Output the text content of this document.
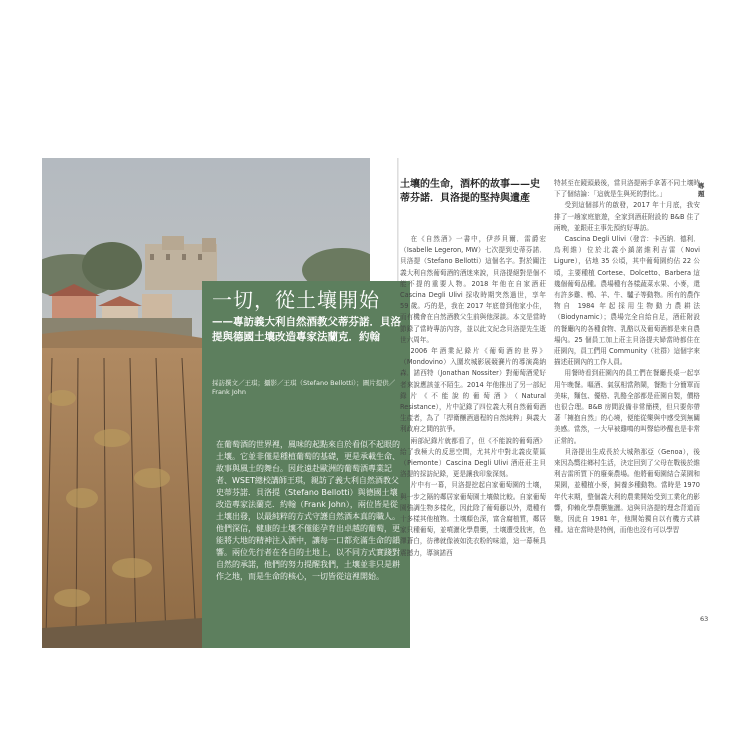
一切，從土壤開始
——專訪義大利自然酒教父蒂芬諾．貝洛提與德國土壤改造專家法蘭克．約翰
採訪撰文／王琪；攝影／王琪（Stefano Bellotti）；圖片提供／Frank John
在葡萄酒的世界裡，風味的起點來自於看似不起眼的土壤。它並非僅是種植葡萄的基礎，更是承載生命、故事與風土的舞台。因此遠赴歐洲的葡萄酒專業記者、WSET總校講師王琪，親訪了義大利自然酒教父史蒂芬諾．貝洛提（Stefano Bellotti）與德國土壤改造專家法蘭克．約翰（Frank John），兩位皆是從土壤出發，以最純粹的方式守護自然酒本真的職人。他們深信，健康的土壤不僅能孕育出卓越的葡萄，更能將大地的精神注入酒中，讓每一口都充滿生命的韻響。兩位先行者在各自的土地上，以不同方式實踐對自然的承諾，他們的努力提醒我們，土壤並非只是耕作之地，而是生命的核心，一切皆從這裡開始。
土壤的生命，酒杯的故事——史蒂芬諾．貝洛提的堅持與遺產

在《自然酒》一書中，伊莎貝爾．雷爵宏（Isabelle Legeron, MW）七次提到史蒂芬諾．貝洛提（Stefano Bellotti）這個名字。對於關注義大利自然葡萄酒的酒迷來說，貝洛提絕對是個不能不提的重要人物。2018 年他在自家酒莊 Cascina Degli Ulivi 採收時期突然過世，享年 59 歲。巧的是，我在 2017 年底曾到他家小住，而有機會在自然酒教父生前與他深談。本文是當時節錄了當時專訪內容，並以此文紀念貝洛提先生逝世六周年。

2006 年酒業紀錄片《葡萄酒的世界》（Mondovino）入圍坎城影展競賽片的導演喬納森．諾西特（Jonathan Nossiter）對葡萄酒愛好者來說應該並不陌生。2014 年他推出了另一部紀錄片《不能說的葡萄酒》（Natural Resistance），片中記錄了四位義大利自然葡萄酒生產者，為了「捍衛釀酒過程的自然純粹」與義大利政府之間的抗爭。

兩部紀錄片就都看了，但《不能說的葡萄酒》給了我極大的反思空間，尤其片中對北義皮蒙區（Piemonte）Cascina Degli Ulivi 酒莊莊主貝洛提的採訪紀錄，更是讓我印象深刻。

片中有一幕，貝洛提挖起自家葡萄園的土壤，與一步之隔的鄰居家葡萄園土壤做比較。自家葡萄園強調生物多樣化，因此除了葡萄藤以外，還種有十多樣其他植物。土壤顏色深，富含腐植質，鄰居家只種葡萄，並噴灑化學農藥，土壤遭受戕害，色澤蒼白，彷彿就像被如洗衣粉的味道，這一幕極具震撼力，導演諾西

特甚至在鏡頭最後，當貝洛提兩手拿著不同土壤時下了個結論：「這就是生與死的對比。」

受到這個部片的啟發，2017 年十月底，我安排了一趟家庭旅遊，全家到酒莊附設的 B&B 住了兩晚，並跟莊主事先預約好專訪。

Cascina Degli Ulivi（發音：卡西納．德利．烏利維）位於北義小鎮諾維利吉雷（Novi Ligure），佔地 35 公頃，其中葡萄園約佔 22 公頃，主要種植 Cortese、Dolcetto、Barbera 這幾個葡萄品種。農場種有各樣蔬菜水果、小麥，還有許多雞、鴨、羊、牛、驢子等動物。所有的農作物自 1984 年起採用生物動力農耕法（Biodynamic）；農場完全自給自足，酒莊附設的餐廳內的各種食物、乳酪以及葡萄酒都是來自農場內。25 個員工加上莊主貝洛提夫婦當時都住在莊園內，員工們用 Community（社群）這個字來描述莊園內的工作人員。

用餐時看到莊園內的員工們在餐廳長桌一起享用午晚餐。嘔酒、氣氛相當熱鬧，餐點十分簡單而美味，麵包、優格、乳酪全部都是莊園自製，價格也很合理。B&B 房間設備非常簡樸，但只要你帶著「擁抱自然」的心境，便能從樂與中感受到無關美感。當然，一大早被雞鳴的叫聲給吵醒也是非常正常的。

貝洛提出生成長於大城熱那亞（Genoa），後來因為嚮往鄉村生活，決定回到了父母在戰後於維利吉雷所買下的廢棄農場。他將葡萄園結合菜園和果園，並種植小麥，飼養多種動物。當時是 1970 年代末期，整個義大利的農業開始受到工業化的影響，仰賴化學農藥施灑。這與貝洛提的理念背道而馳，因此自 1981 年，他開始獨自以有機方式耕種。這在當時是特例，而他也沒有可以學習

專題
63
